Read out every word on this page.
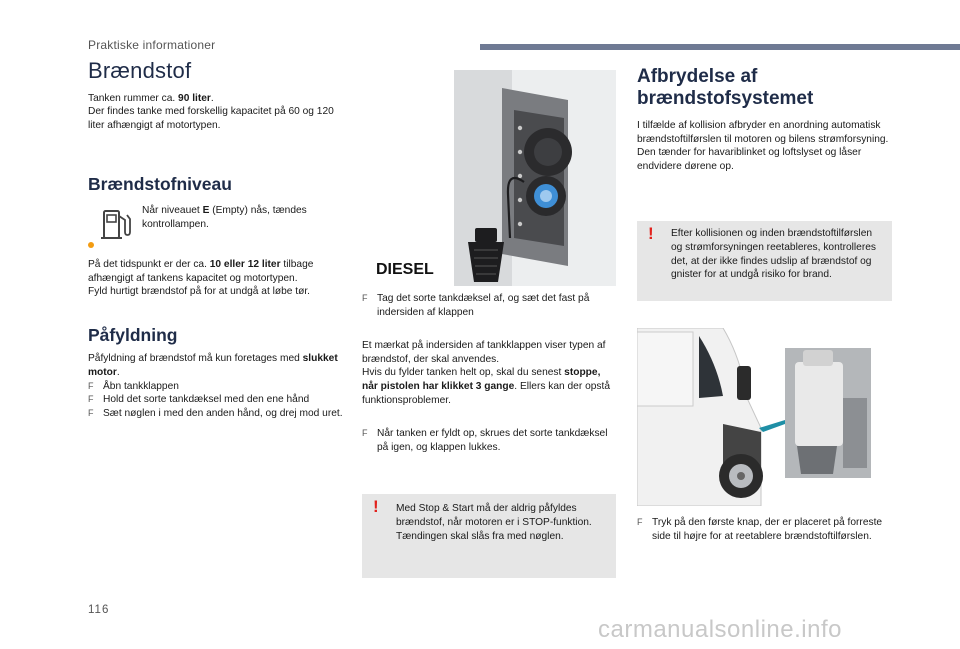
Praktiske informationer
Brændstof

Tanken rummer ca. 90 liter.
Der findes tanke med forskellig kapacitet på 60 og 120 liter afhængigt af motortypen.

Brændstofniveau
Når niveauet E (Empty) nås, tændes kontrollampen.

På det tidspunkt er der ca. 10 eller 12 liter tilbage afhængigt af tankens kapacitet og motortypen.
Fyld hurtigt brændstof på for at undgå at løbe tør.

Påfyldning

Påfyldning af brændstof må kun foretages med slukket motor.

F Åbn tankklappen
F Hold det sorte tankdæksel med den ene hånd
F Sæt nøglen i med den anden hånd, og drej mod uret.
DIESEL
F Tag det sorte tankdæksel af, og sæt det fast på indersiden af klappen

Et mærkat på indersiden af tankklappen viser typen af brændstof, der skal anvendes.
Hvis du fylder tanken helt op, skal du senest stoppe, når pistolen har klikket 3 gange. Ellers kan der opstå funktionsproblemer.

F Når tanken er fyldt op, skrues det sorte tankdæksel på igen, og klappen lukkes.
! Med Stop & Start må der aldrig påfyldes brændstof, når motoren er i STOP-funktion. Tændingen skal slås fra med nøglen.
Afbrydelse af brændstofsystemet

I tilfælde af kollision afbryder en anordning automatisk brændstoftilførslen til motoren og bilens strømforsyning.
Den tænder for havariblinket og loftslyset og låser endvidere dørene op.

! Efter kollisionen og inden brændstoftilførslen og strømforsyningen reetableres, kontrolleres det, at der ikke findes udslip af brændstof og gnister for at undgå risiko for brand.
F Tryk på den første knap, der er placeret på forreste side til højre for at reetablere brændstoftilførslen.
116
carmanualsonline.info
